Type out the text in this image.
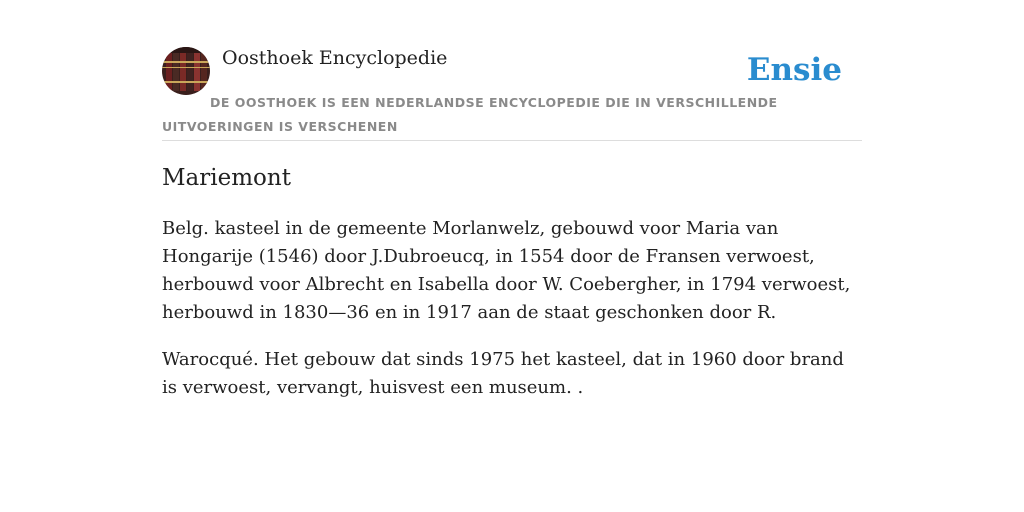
Oosthoek Encyclopedie	Ensie
DE OOSTHOEK IS EEN NEDERLANDSE ENCYCLOPEDIE DIE IN VERSCHILLENDE UITVOERINGEN IS VERSCHENEN
Mariemont

Belg. kasteel in de gemeente Morlanwelz, gebouwd voor Maria van Hongarije (1546) door J.Dubroeucq, in 1554 door de Fransen verwoest, herbouwd voor Albrecht en Isabella door W. Coebergher, in 1794 verwoest, herbouwd in 1830—36 en in 1917 aan de staat geschonken door R.

Warocqué. Het gebouw dat sinds 1975 het kasteel, dat in 1960 door brand is verwoest, vervangt, huisvest een museum. .
